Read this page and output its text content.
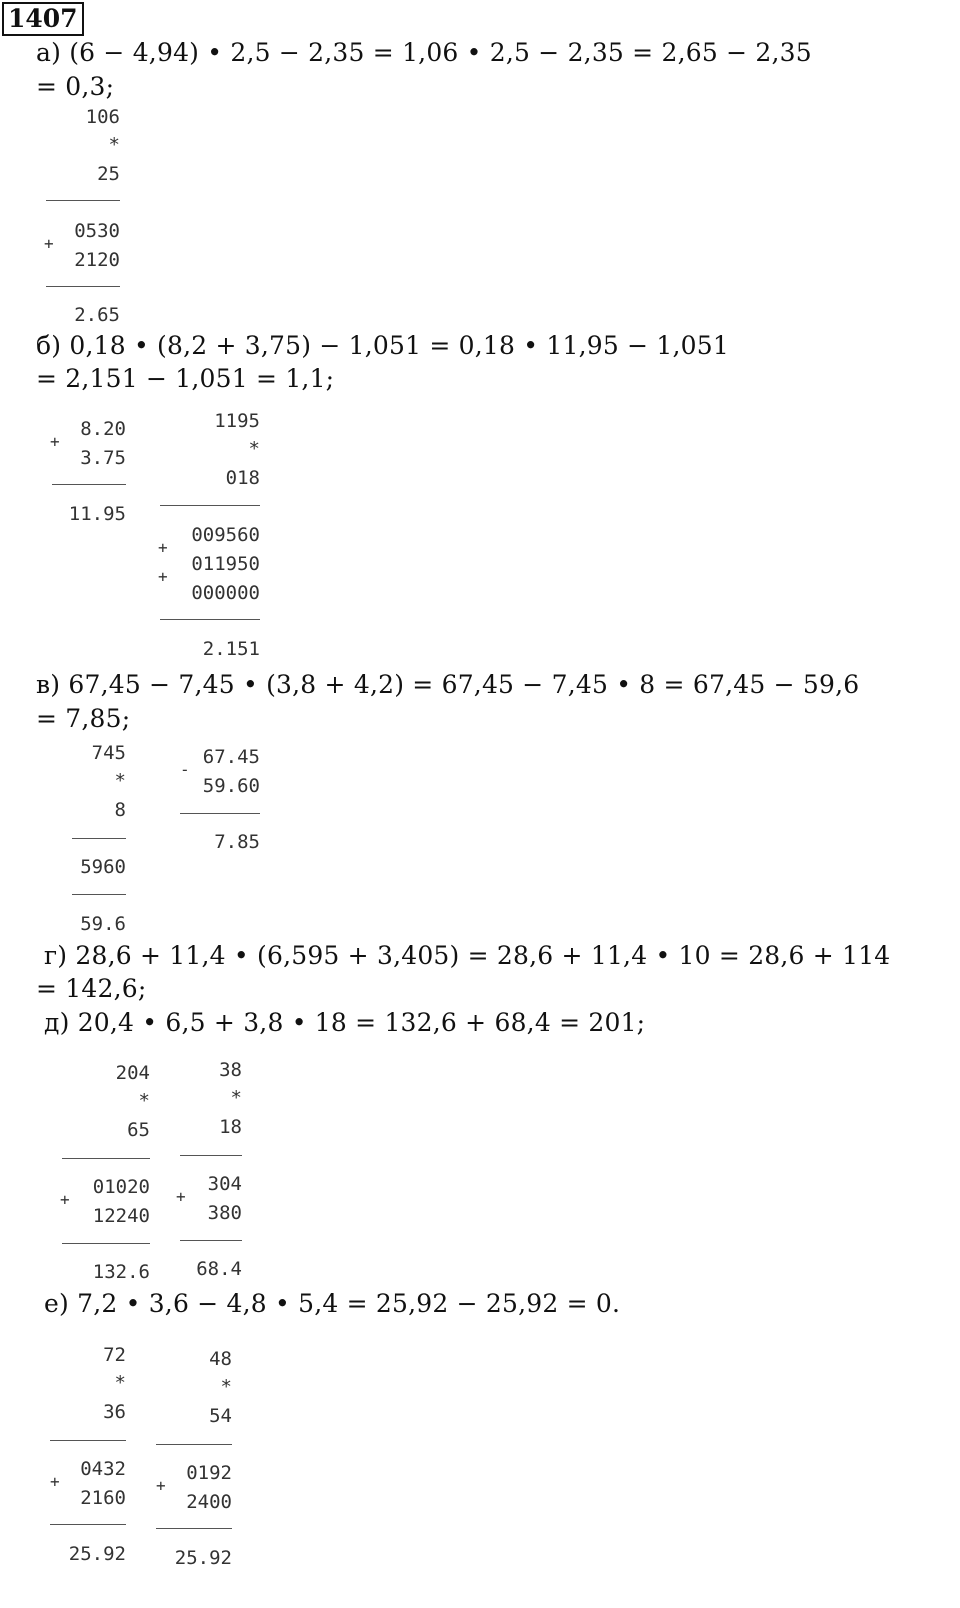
1407
а) (6 − 4,94) • 2,5 − 2,35 = 1,06 • 2,5 − 2,35 = 2,65 − 2,35
= 0,3;
б) 0,18 • (8,2 + 3,75) − 1,051 = 0,18 • 11,95 − 1,051
= 2,151 − 1,051 = 1,1;
в) 67,45 − 7,45 • (3,8 + 4,2) = 67,45 − 7,45 • 8 = 67,45 − 59,6
= 7,85;
г) 28,6 + 11,4 • (6,595 + 3,405) = 28,6 + 11,4 • 10 = 28,6 + 114
= 142,6;
д) 20,4 • 6,5 + 3,8 • 18 = 132,6 + 68,4 = 201;
е) 7,2 • 3,6 − 4,8 • 5,4 = 25,92 − 25,92 = 0.
106
*
25
0530
+
2120
2.65
8.20
+
3.75
11.95
1195
*
018
009560
+
011950
+
000000
2.151
745
*
8
5960
59.6
67.45
-
59.60
7.85
204
*
65
01020
+
12240
132.6
38
*
18
304
+
380
68.4
72
*
36
0432
+
2160
25.92
48
*
54
0192
+
2400
25.92
